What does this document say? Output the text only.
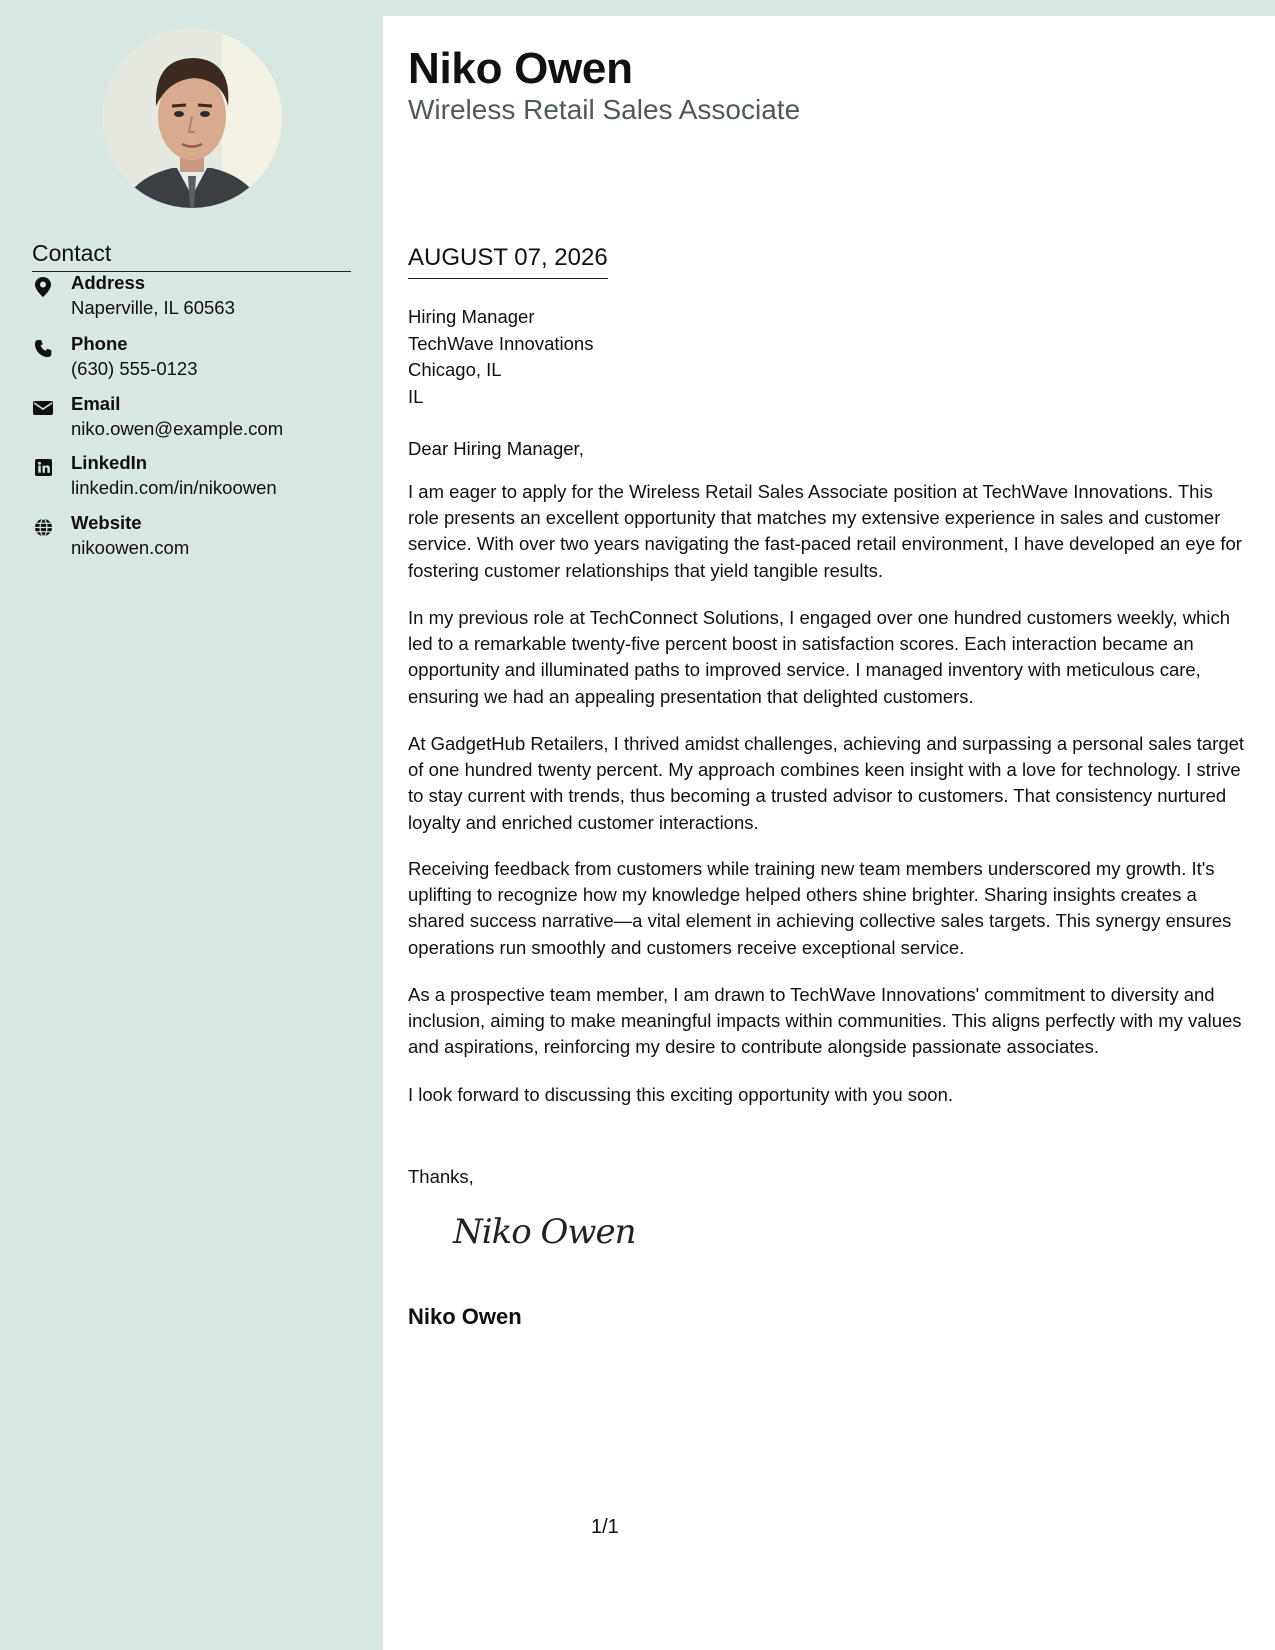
Contact
Address
Naperville, IL 60563
Phone
(630) 555-0123
Email
niko.owen@example.com
LinkedIn
linkedin.com/in/nikoowen
Website
nikoowen.com
Niko Owen
Wireless Retail Sales Associate
AUGUST 07, 2026
Hiring Manager
TechWave Innovations
Chicago, IL
IL
Dear Hiring Manager,

I am eager to apply for the Wireless Retail Sales Associate position at TechWave Innovations. This role presents an excellent opportunity that matches my extensive experience in sales and customer service. With over two years navigating the fast-paced retail environment, I have developed an eye for fostering customer relationships that yield tangible results.

In my previous role at TechConnect Solutions, I engaged over one hundred customers weekly, which led to a remarkable twenty-five percent boost in satisfaction scores. Each interaction became an opportunity and illuminated paths to improved service. I managed inventory with meticulous care, ensuring we had an appealing presentation that delighted customers.

At GadgetHub Retailers, I thrived amidst challenges, achieving and surpassing a personal sales target of one hundred twenty percent. My approach combines keen insight with a love for technology. I strive to stay current with trends, thus becoming a trusted advisor to customers. That consistency nurtured loyalty and enriched customer interactions.

Receiving feedback from customers while training new team members underscored my growth. It's uplifting to recognize how my knowledge helped others shine brighter. Sharing insights creates a shared success narrative—a vital element in achieving collective sales targets. This synergy ensures operations run smoothly and customers receive exceptional service.

As a prospective team member, I am drawn to TechWave Innovations' commitment to diversity and inclusion, aiming to make meaningful impacts within communities. This aligns perfectly with my values and aspirations, reinforcing my desire to contribute alongside passionate associates.

I look forward to discussing this exciting opportunity with you soon.

Thanks,
Niko Owen
Niko Owen
1/1
